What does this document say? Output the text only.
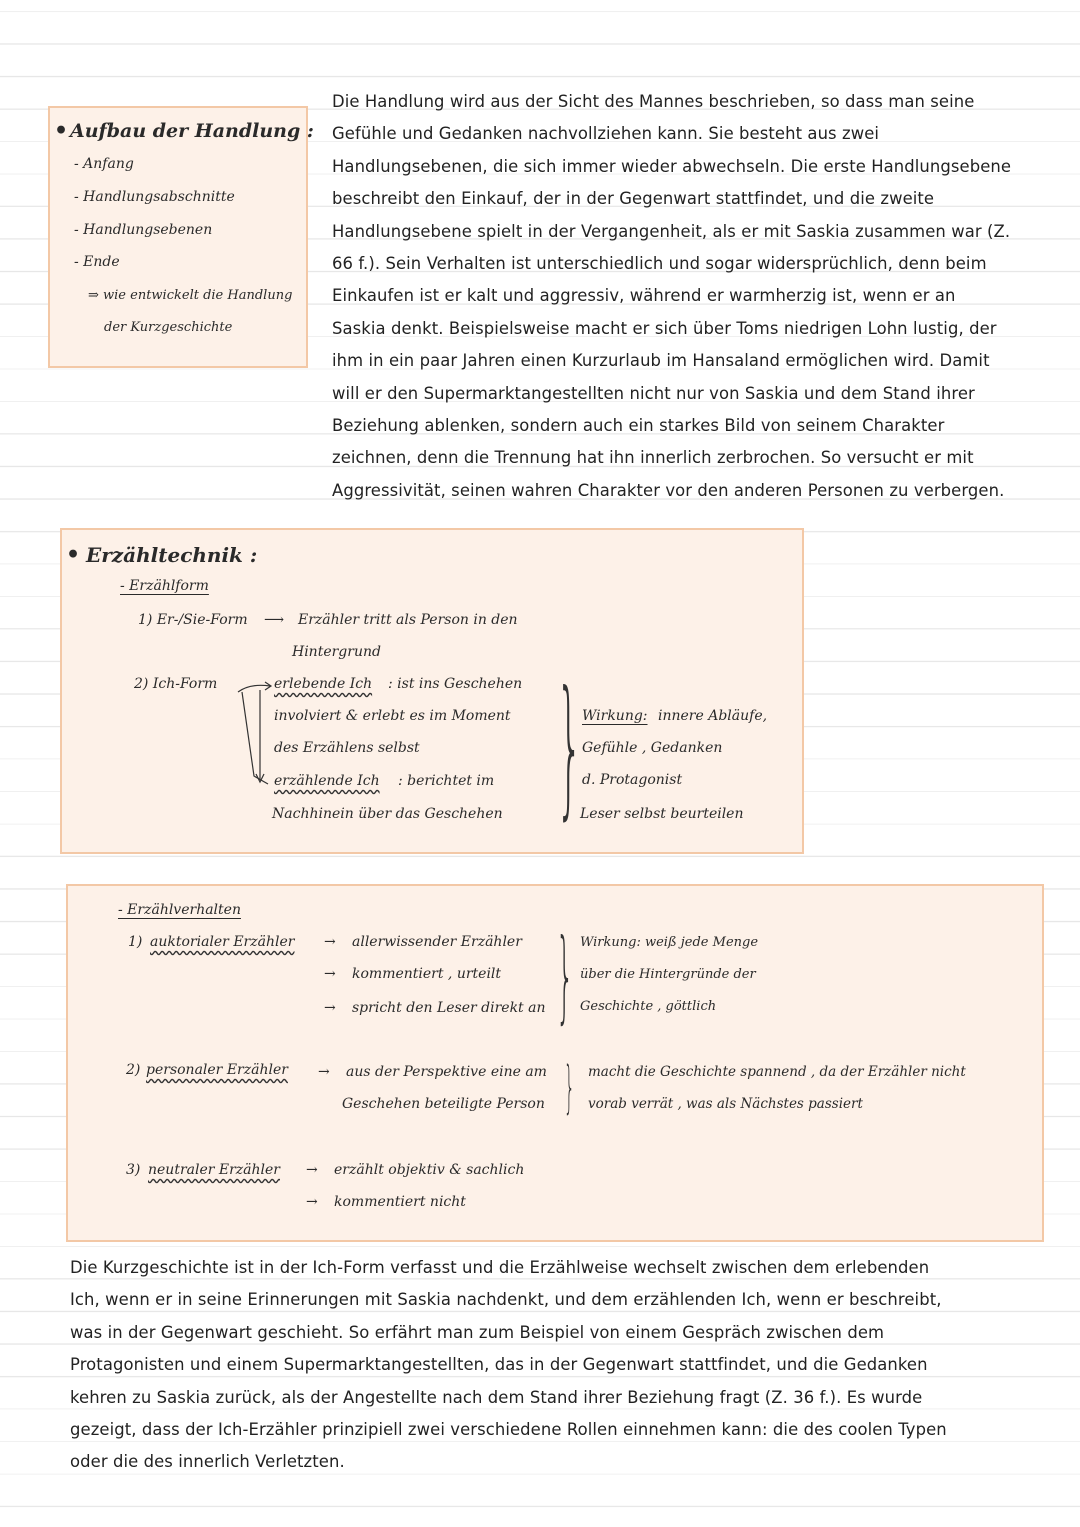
• Aufbau der Handlung :
- Anfang
- Handlungsabschnitte
- Handlungsebenen
- Ende
⇒ wie entwickelt die Handlung
der Kurzgeschichte

Die Handlung wird aus der Sicht des Mannes beschrieben, so dass man seine

Gefühle und Gedanken nachvollziehen kann. Sie besteht aus zwei

Handlungsebenen, die sich immer wieder abwechseln. Die erste Handlungsebene

beschreibt den Einkauf, der in der Gegenwart stattfindet, und die zweite

Handlungsebene spielt in der Vergangenheit, als er mit Saskia zusammen war (Z.

66 f.). Sein Verhalten ist unterschiedlich und sogar widersprüchlich, denn beim

Einkaufen ist er kalt und aggressiv, während er warmherzig ist, wenn er an

Saskia denkt. Beispielsweise macht er sich über Toms niedrigen Lohn lustig, der

ihm in ein paar Jahren einen Kurzurlaub im Hansaland ermöglichen wird. Damit

will er den Supermarktangestellten nicht nur von Saskia und dem Stand ihrer

Beziehung ablenken, sondern auch ein starkes Bild von seinem Charakter

zeichnen, denn die Trennung hat ihn innerlich zerbrochen. So versucht er mit

Aggressivität, seinen wahren Charakter vor den anderen Personen zu verbergen.

• Erzähltechnik :
- Erzählform
1) Er-/Sie-Form ⟶ Erzähler tritt als Person in den
Hintergrund
2) Ich-Form	erlebende Ich : ist ins Geschehen
involviert & erlebt es im Moment
des Erzählens selbst
erzählende Ich : berichtet im
Nachhinein über das Geschehen } Wirkung: innere Abläufe,
Gefühle , Gedanken
d. Protagonist
Leser selbst beurteilen
- Erzählverhalten
1) auktorialer Erzähler → allerwissender Erzähler
→ kommentiert , urteilt
→ spricht den Leser direkt an } Wirkung: weiß jede Menge
über die Hintergründe der
Geschichte , göttlich
2) personaler Erzähler → aus der Perspektive eine am
Geschehen beteiligte Person } macht die Geschichte spannend , da der Erzähler nicht
vorab verrät , was als Nächstes passiert
3) neutraler Erzähler → erzählt objektiv & sachlich
→ kommentiert nicht

Die Kurzgeschichte ist in der Ich-Form verfasst und die Erzählweise wechselt zwischen dem erlebenden

Ich, wenn er in seine Erinnerungen mit Saskia nachdenkt, und dem erzählenden Ich, wenn er beschreibt,

was in der Gegenwart geschieht. So erfährt man zum Beispiel von einem Gespräch zwischen dem

Protagonisten und einem Supermarktangestellten, das in der Gegenwart stattfindet, und die Gedanken

kehren zu Saskia zurück, als der Angestellte nach dem Stand ihrer Beziehung fragt (Z. 36 f.). Es wurde

gezeigt, dass der Ich-Erzähler prinzipiell zwei verschiedene Rollen einnehmen kann: die des coolen Typen

oder die des innerlich Verletzten.
